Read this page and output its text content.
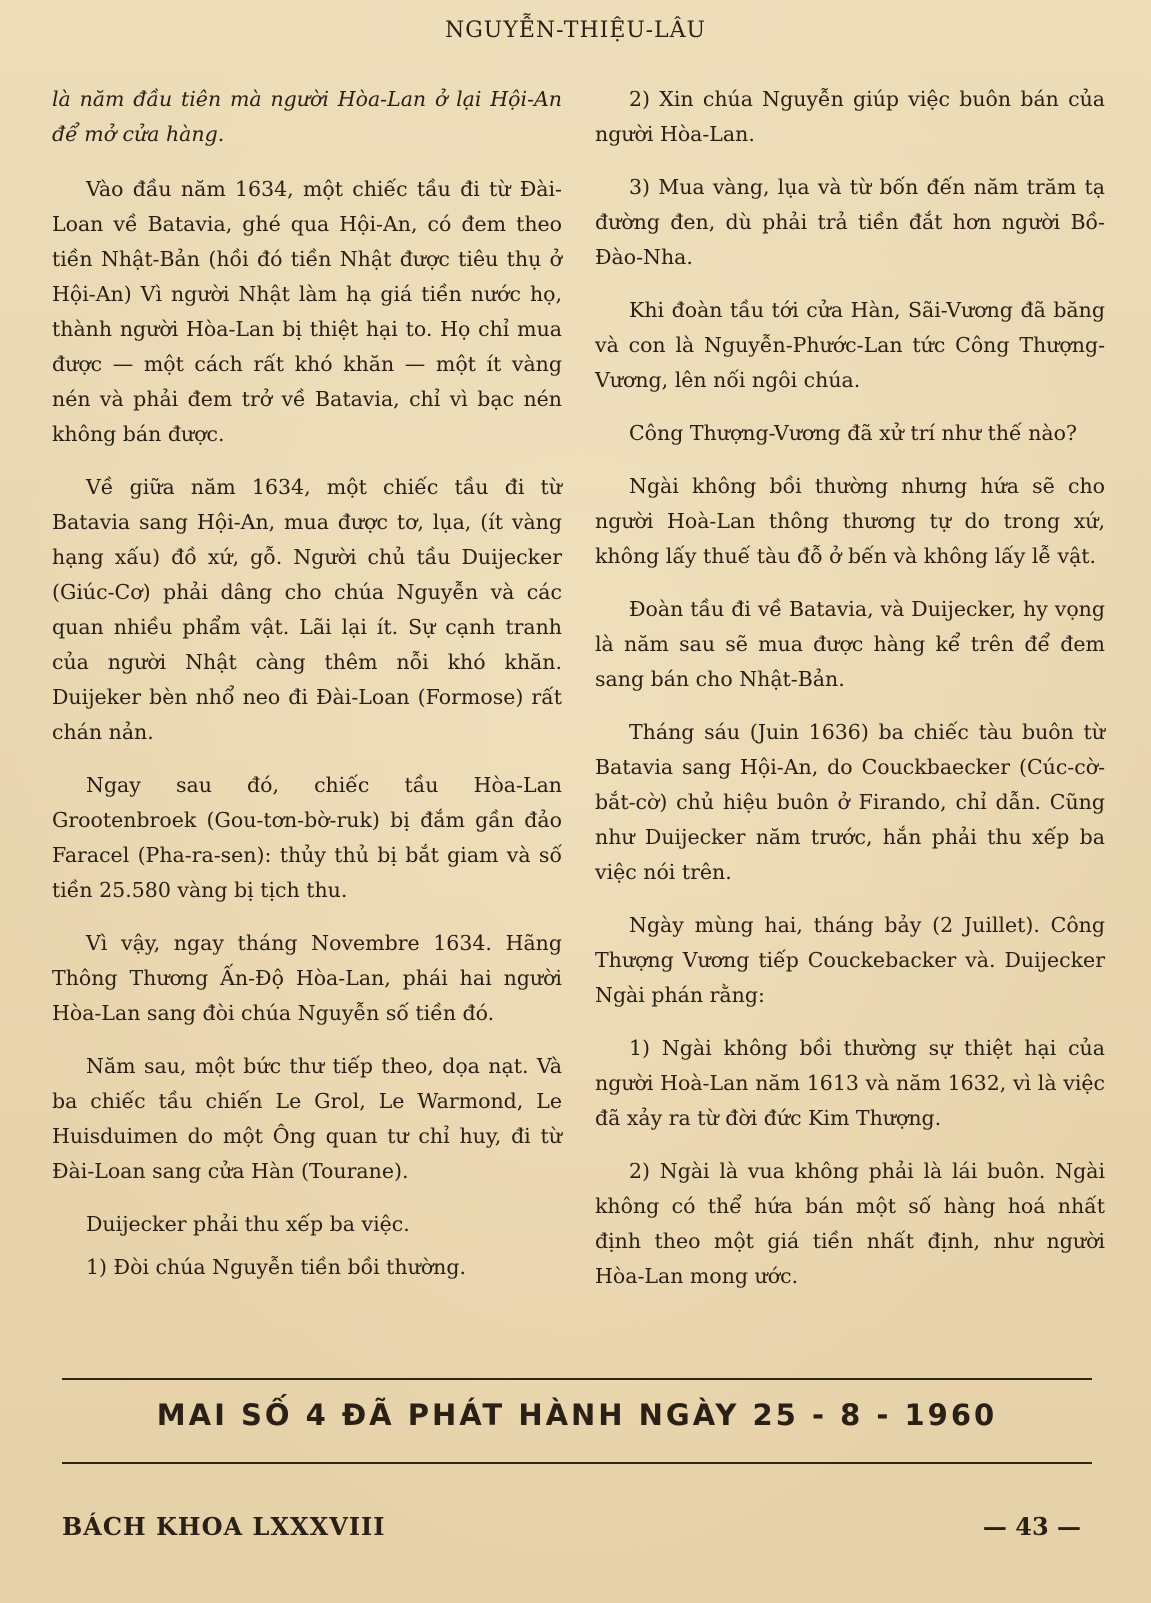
NGUYỄN-THIỆU-LÂU

là năm đầu tiên mà người Hòa-Lan ở lại Hội-An để mở cửa hàng.

Vào đầu năm 1634, một chiếc tầu đi từ Đài-Loan về Batavia, ghé qua Hội-An, có đem theo tiền Nhật-Bản (hồi đó tiền Nhật được tiêu thụ ở Hội-An) Vì người Nhật làm hạ giá tiền nước họ, thành người Hòa-Lan bị thiệt hại to. Họ chỉ mua được — một cách rất khó khăn — một ít vàng nén và phải đem trở về Batavia, chỉ vì bạc nén không bán được.

Về giữa năm 1634, một chiếc tầu đi từ Batavia sang Hội-An, mua được tơ, lụa, (ít vàng hạng xấu) đồ xứ, gỗ. Người chủ tầu Duijecker (Giúc-Cơ) phải dâng cho chúa Nguyễn và các quan nhiều phẩm vật. Lãi lại ít. Sự cạnh tranh của người Nhật càng thêm nỗi khó khăn. Duijeker bèn nhổ neo đi Đài-Loan (Formose) rất chán nản.

Ngay sau đó, chiếc tầu Hòa-Lan Grootenbroek (Gou-tơn-bờ-ruk) bị đắm gần đảo Faracel (Pha-ra-sen): thủy thủ bị bắt giam và số tiền 25.580 vàng bị tịch thu.

Vì vậy, ngay tháng Novembre 1634. Hãng Thông Thương Ấn-Độ Hòa-Lan, phái hai người Hòa-Lan sang đòi chúa Nguyễn số tiền đó.

Năm sau, một bức thư tiếp theo, dọa nạt. Và ba chiếc tầu chiến Le Grol, Le Warmond, Le Huisduimen do một Ông quan tư chỉ huy, đi từ Đài-Loan sang cửa Hàn (Tourane).

Duijecker phải thu xếp ba việc.

1) Đòi chúa Nguyễn tiền bồi thường.

2) Xin chúa Nguyễn giúp việc buôn bán của người Hòa-Lan.

3) Mua vàng, lụa và từ bốn đến năm trăm tạ đường đen, dù phải trả tiền đắt hơn người Bồ-Đào-Nha.

Khi đoàn tầu tới cửa Hàn, Sãi-Vương đã băng và con là Nguyễn-Phước-Lan tức Công Thượng-Vương, lên nối ngôi chúa.

Công Thượng-Vương đã xử trí như thế nào?

Ngài không bồi thường nhưng hứa sẽ cho người Hoà-Lan thông thương tự do trong xứ, không lấy thuế tàu đỗ ở bến và không lấy lễ vật.

Đoàn tầu đi về Batavia, và Duijecker, hy vọng là năm sau sẽ mua được hàng kể trên để đem sang bán cho Nhật-Bản.

Tháng sáu (Juin 1636) ba chiếc tàu buôn từ Batavia sang Hội-An, do Couckbaecker (Cúc-cờ-bắt-cờ) chủ hiệu buôn ở Firando, chỉ dẫn. Cũng như Duijecker năm trước, hắn phải thu xếp ba việc nói trên.

Ngày mùng hai, tháng bảy (2 Juillet). Công Thượng Vương tiếp Couckebacker và. Duijecker Ngài phán rằng:

1) Ngài không bồi thường sự thiệt hại của người Hoà-Lan năm 1613 và năm 1632, vì là việc đã xảy ra từ đời đức Kim Thượng.

2) Ngài là vua không phải là lái buôn. Ngài không có thể hứa bán một số hàng hoá nhất định theo một giá tiền nhất định, như người Hòa-Lan mong ước.

MAI SỐ 4 ĐÃ PHÁT HÀNH NGÀY 25 - 8 - 1960
BÁCH KHOA LXXXVIII	— 43 —
